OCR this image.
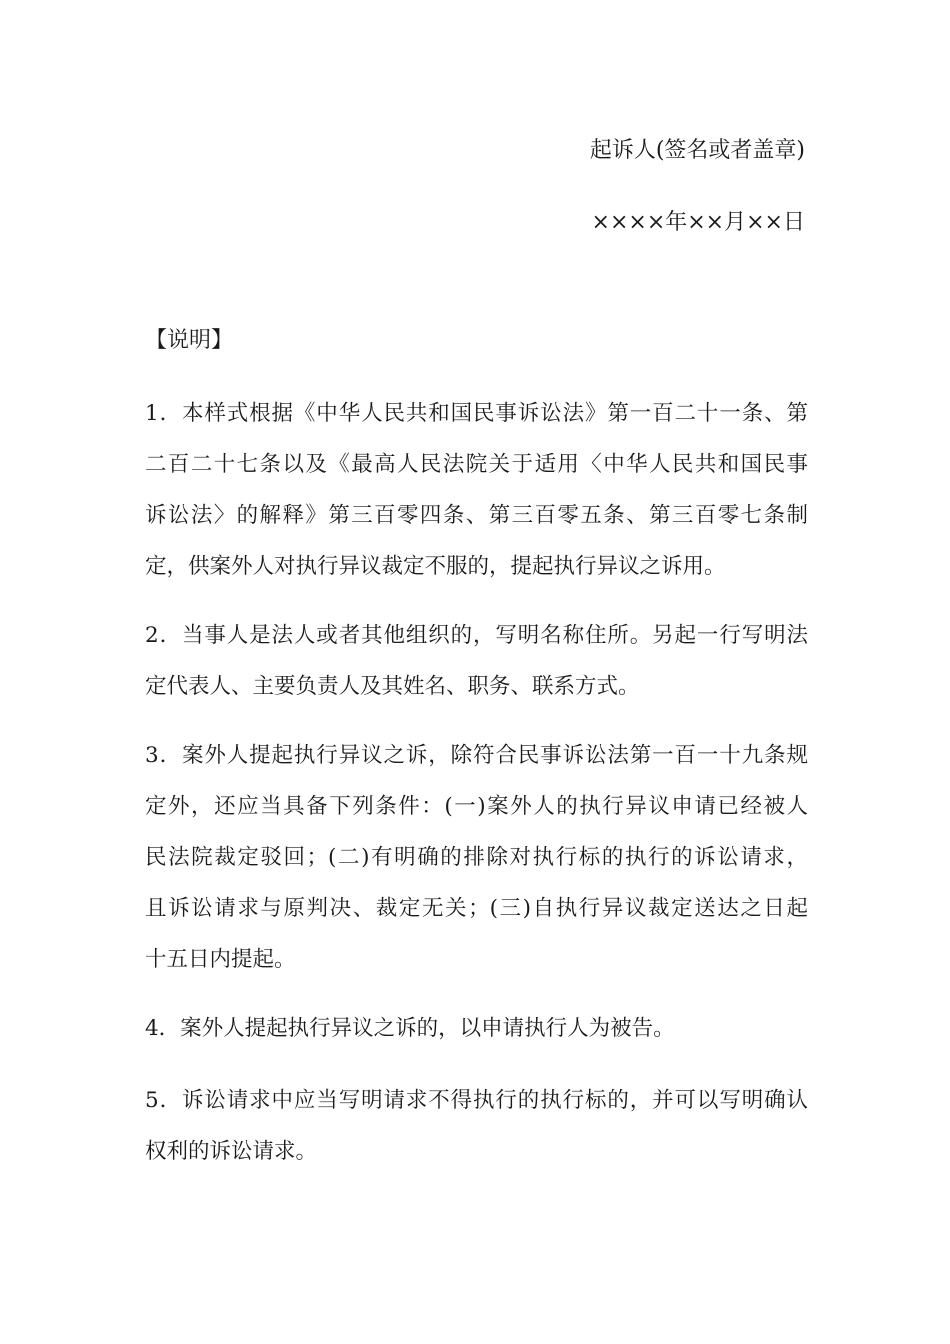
起诉人(签名或者盖章)
××××年××月××日
【说明】

1．本样式根据《中华人民共和国民事诉讼法》第一百二十一条、第
二百二十七条以及《最高人民法院关于适用〈中华人民共和国民事
诉讼法〉的解释》第三百零四条、第三百零五条、第三百零七条制
定，供案外人对执行异议裁定不服的，提起执行异议之诉用。

2．当事人是法人或者其他组织的，写明名称住所。另起一行写明法
定代表人、主要负责人及其姓名、职务、联系方式。

3．案外人提起执行异议之诉，除符合民事诉讼法第一百一十九条规
定外，还应当具备下列条件：(一)案外人的执行异议申请已经被人
民法院裁定驳回；(二)有明确的排除对执行标的执行的诉讼请求，
且诉讼请求与原判决、裁定无关；(三)自执行异议裁定送达之日起
十五日内提起。

4．案外人提起执行异议之诉的，以申请执行人为被告。

5．诉讼请求中应当写明请求不得执行的执行标的，并可以写明确认
权利的诉讼请求。
